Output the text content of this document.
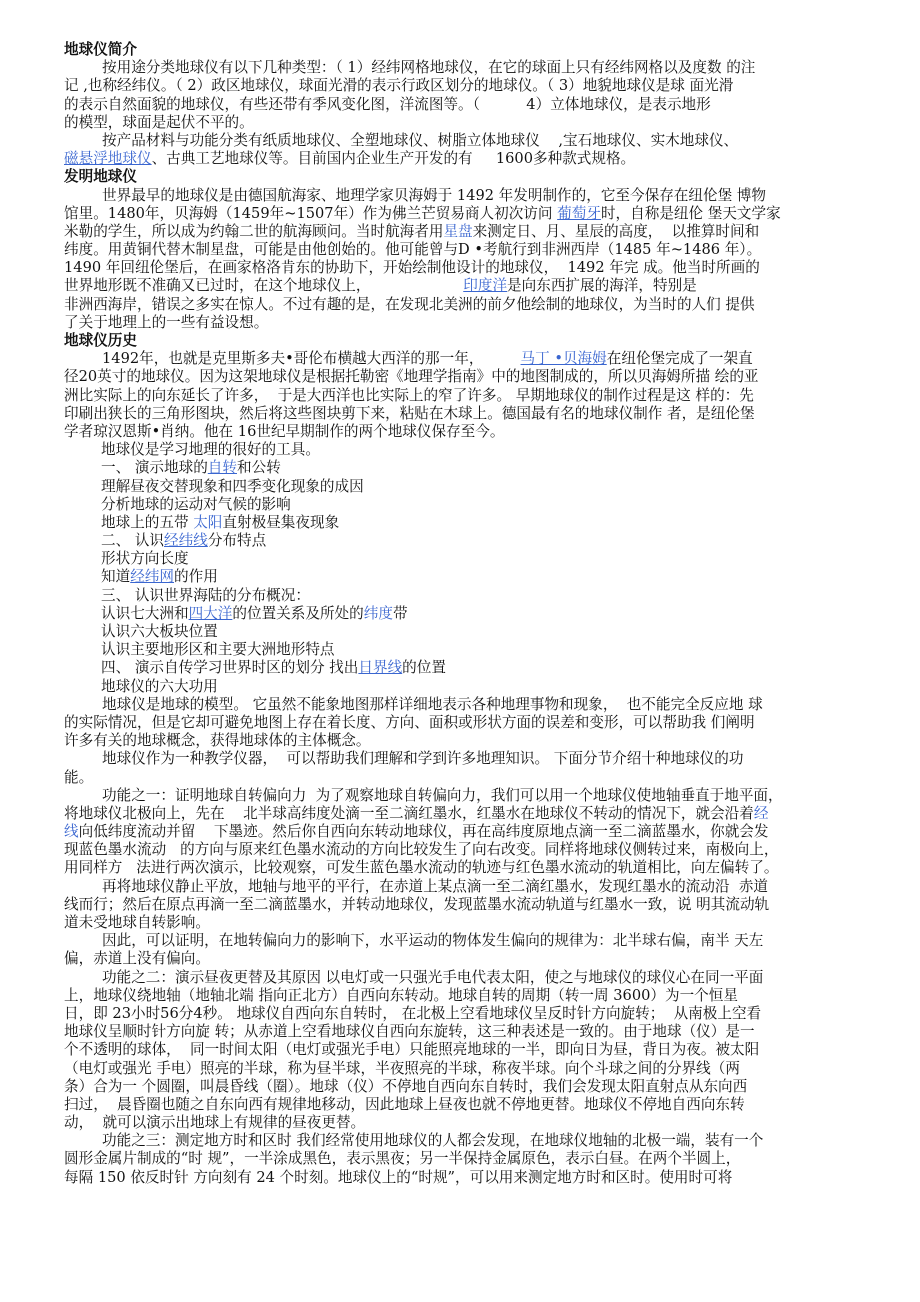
地球仪简介
按用途分类地球仪有以下几种类型：（ 1）经纬网格地球仪，在它的球面上只有经纬网格以及度数 的注
记 ,也称经纬仪。（ 2）政区地球仪，球面光滑的表示行政区划分的地球仪。（ 3）地貌地球仪是球 面光滑
的表示自然面貌的地球仪，有些还带有季风变化图，洋流图等。（          4）立体地球仪，是表示地形
的模型，球面是起伏不平的。
按产品材料与功能分类有纸质地球仪、全塑地球仪、树脂立体地球仪    ,宝石地球仪、实木地球仪、
磁悬浮地球仪、古典工艺地球仪等。目前国内企业生产开发的有     1600多种款式规格。
发明地球仪
世界最早的地球仪是由德国航海家、地理学家贝海姆于 1492 年发明制作的，它至今保存在纽伦堡 博物
馆里。1480年，贝海姆（1459年~1507年）作为佛兰芒贸易商人初次访问 葡萄牙时，自称是纽伦 堡天文学家
米勒的学生，所以成为约翰二世的航海顾问。当时航海者用星盘来测定日、月、星辰的高度，  以推算时间和
纬度。用黄铜代替木制星盘，可能是由他创始的。他可能曾与D •考航行到非洲西岸（1485 年~1486 年）。
1490 年回纽伦堡后，在画家格洛肯东的协助下，开始绘制他设计的地球仪，  1492 年完 成。他当时所画的
世界地形既不准确又已过时，在这个地球仪上，                    印度洋是向东西扩展的海洋，特别是
非洲西海岸，错误之多实在惊人。不过有趣的是，在发现北美洲的前夕他绘制的地球仪，为当时的人们 提供
了关于地理上的一些有益设想。
地球仪历史
1492年，也就是克里斯多夫•哥伦布横越大西洋的那一年，        马丁 •贝海姆在纽伦堡完成了一架直
径20英寸的地球仪。因为这架地球仪是根据托勒密《地理学指南》中的地图制成的，所以贝海姆所描 绘的亚
洲比实际上的向东延长了许多，  于是大西洋也比实际上的窄了许多。 早期地球仪的制作过程是这 样的：先
印刷出狭长的三角形图块，然后将这些图块剪下来，粘贴在木球上。德国最有名的地球仪制作 者，是纽伦堡
学者琼汉恩斯•肖纳。他在 16世纪早期制作的两个地球仪保存至今。
地球仪是学习地理的很好的工具。
一、 演示地球的自转和公转
理解昼夜交替现象和四季变化现象的成因
分析地球的运动对气候的影响
地球上的五带 太阳直射极昼集夜现象
二、 认识经纬线分布特点
形状方向长度
知道经纬网的作用
三、 认识世界海陆的分布概况：
认识七大洲和四大洋的位置关系及所处的纬度带
认识六大板块位置
认识主要地形区和主要大洲地形特点
四、 演示自传学习世界时区的划分 找出日界线的位置
地球仪的六大功用
地球仪是地球的模型。 它虽然不能象地图那样详细地表示各种地理事物和现象，  也不能完全反应地 球
的实际情况，但是它却可避免地图上存在着长度、方向、面积或形状方面的误差和变形，可以帮助我 们阐明
许多有关的地球概念，获得地球体的主体概念。
地球仪作为一种教学仪器，  可以帮助我们理解和学到许多地理知识。 下面分节介绍十种地球仪的功
能。
功能之一：证明地球自转偏向力  为了观察地球自转偏向力，我们可以用一个地球仪使地轴垂直于地平面，
将地球仪北极向上，先在    北半球高纬度处滴一至二滴红墨水，红墨水在地球仪不转动的情况下，就会沿着经
线向低纬度流动并留    下墨迹。然后你自西向东转动地球仪，再在高纬度原地点滴一至二滴蓝墨水，你就会发
现蓝色墨水流动   的方向与原来红色墨水流动的方向比较发生了向右改变。同样将地球仪侧转过来，南极向上，
用同样方   法进行两次演示，比较观察，可发生蓝色墨水流动的轨迹与红色墨水流动的轨道相比，向左偏转了。
再将地球仪静止平放，地轴与地平的平行，在赤道上某点滴一至二滴红墨水，发现红墨水的流动沿  赤道
线而行；然后在原点再滴一至二滴蓝墨水，并转动地球仪，发现蓝墨水流动轨道与红墨水一致，说 明其流动轨
道未受地球自转影响。
因此，可以证明，在地转偏向力的影响下，水平运动的物体发生偏向的规律为：北半球右偏，南半 天左
偏，赤道上没有偏向。
功能之二：演示昼夜更替及其原因 以电灯或一只强光手电代表太阳，使之与地球仪的球仪心在同一平面
上，地球仪绕地轴（地轴北端 指向正北方）自西向东转动。地球自转的周期（转一周 3600）为一个恒星
日，即 23小时56分4秒。 地球仪自西向东自转时， 在北极上空看地球仪呈反时针方向旋转；  从南极上空看
地球仪呈顺时针方向旋 转；从赤道上空看地球仪自西向东旋转，这三种表述是一致的。由于地球（仪）是一
个不透明的球体，  同一时间太阳（电灯或强光手电）只能照亮地球的一半，即向日为昼，背日为夜。被太阳
（电灯或强光 手电）照亮的半球，称为昼半球，半夜照亮的半球，称夜半球。向个斗球之间的分界线（两
条）合为一 个圆圈，叫晨昏线（圈）。地球（仪）不停地自西向东自转时，我们会发现太阳直射点从东向西
扫过，  晨昏圈也随之自东向西有规律地移动，因此地球上昼夜也就不停地更替。地球仪不停地自西向东转
动，  就可以演示出地球上有规律的昼夜更替。
功能之三：测定地方时和区时 我们经常使用地球仪的人都会发现，在地球仪地轴的北极一端，装有一个
圆形金属片制成的“时 规”，一半涂成黑色，表示黑夜；另一半保持金属原色，表示白昼。在两个半圆上，
每隔 150 依反时针 方向刻有 24 个时刻。地球仪上的“时规”，可以用来测定地方时和区时。使用时可将
